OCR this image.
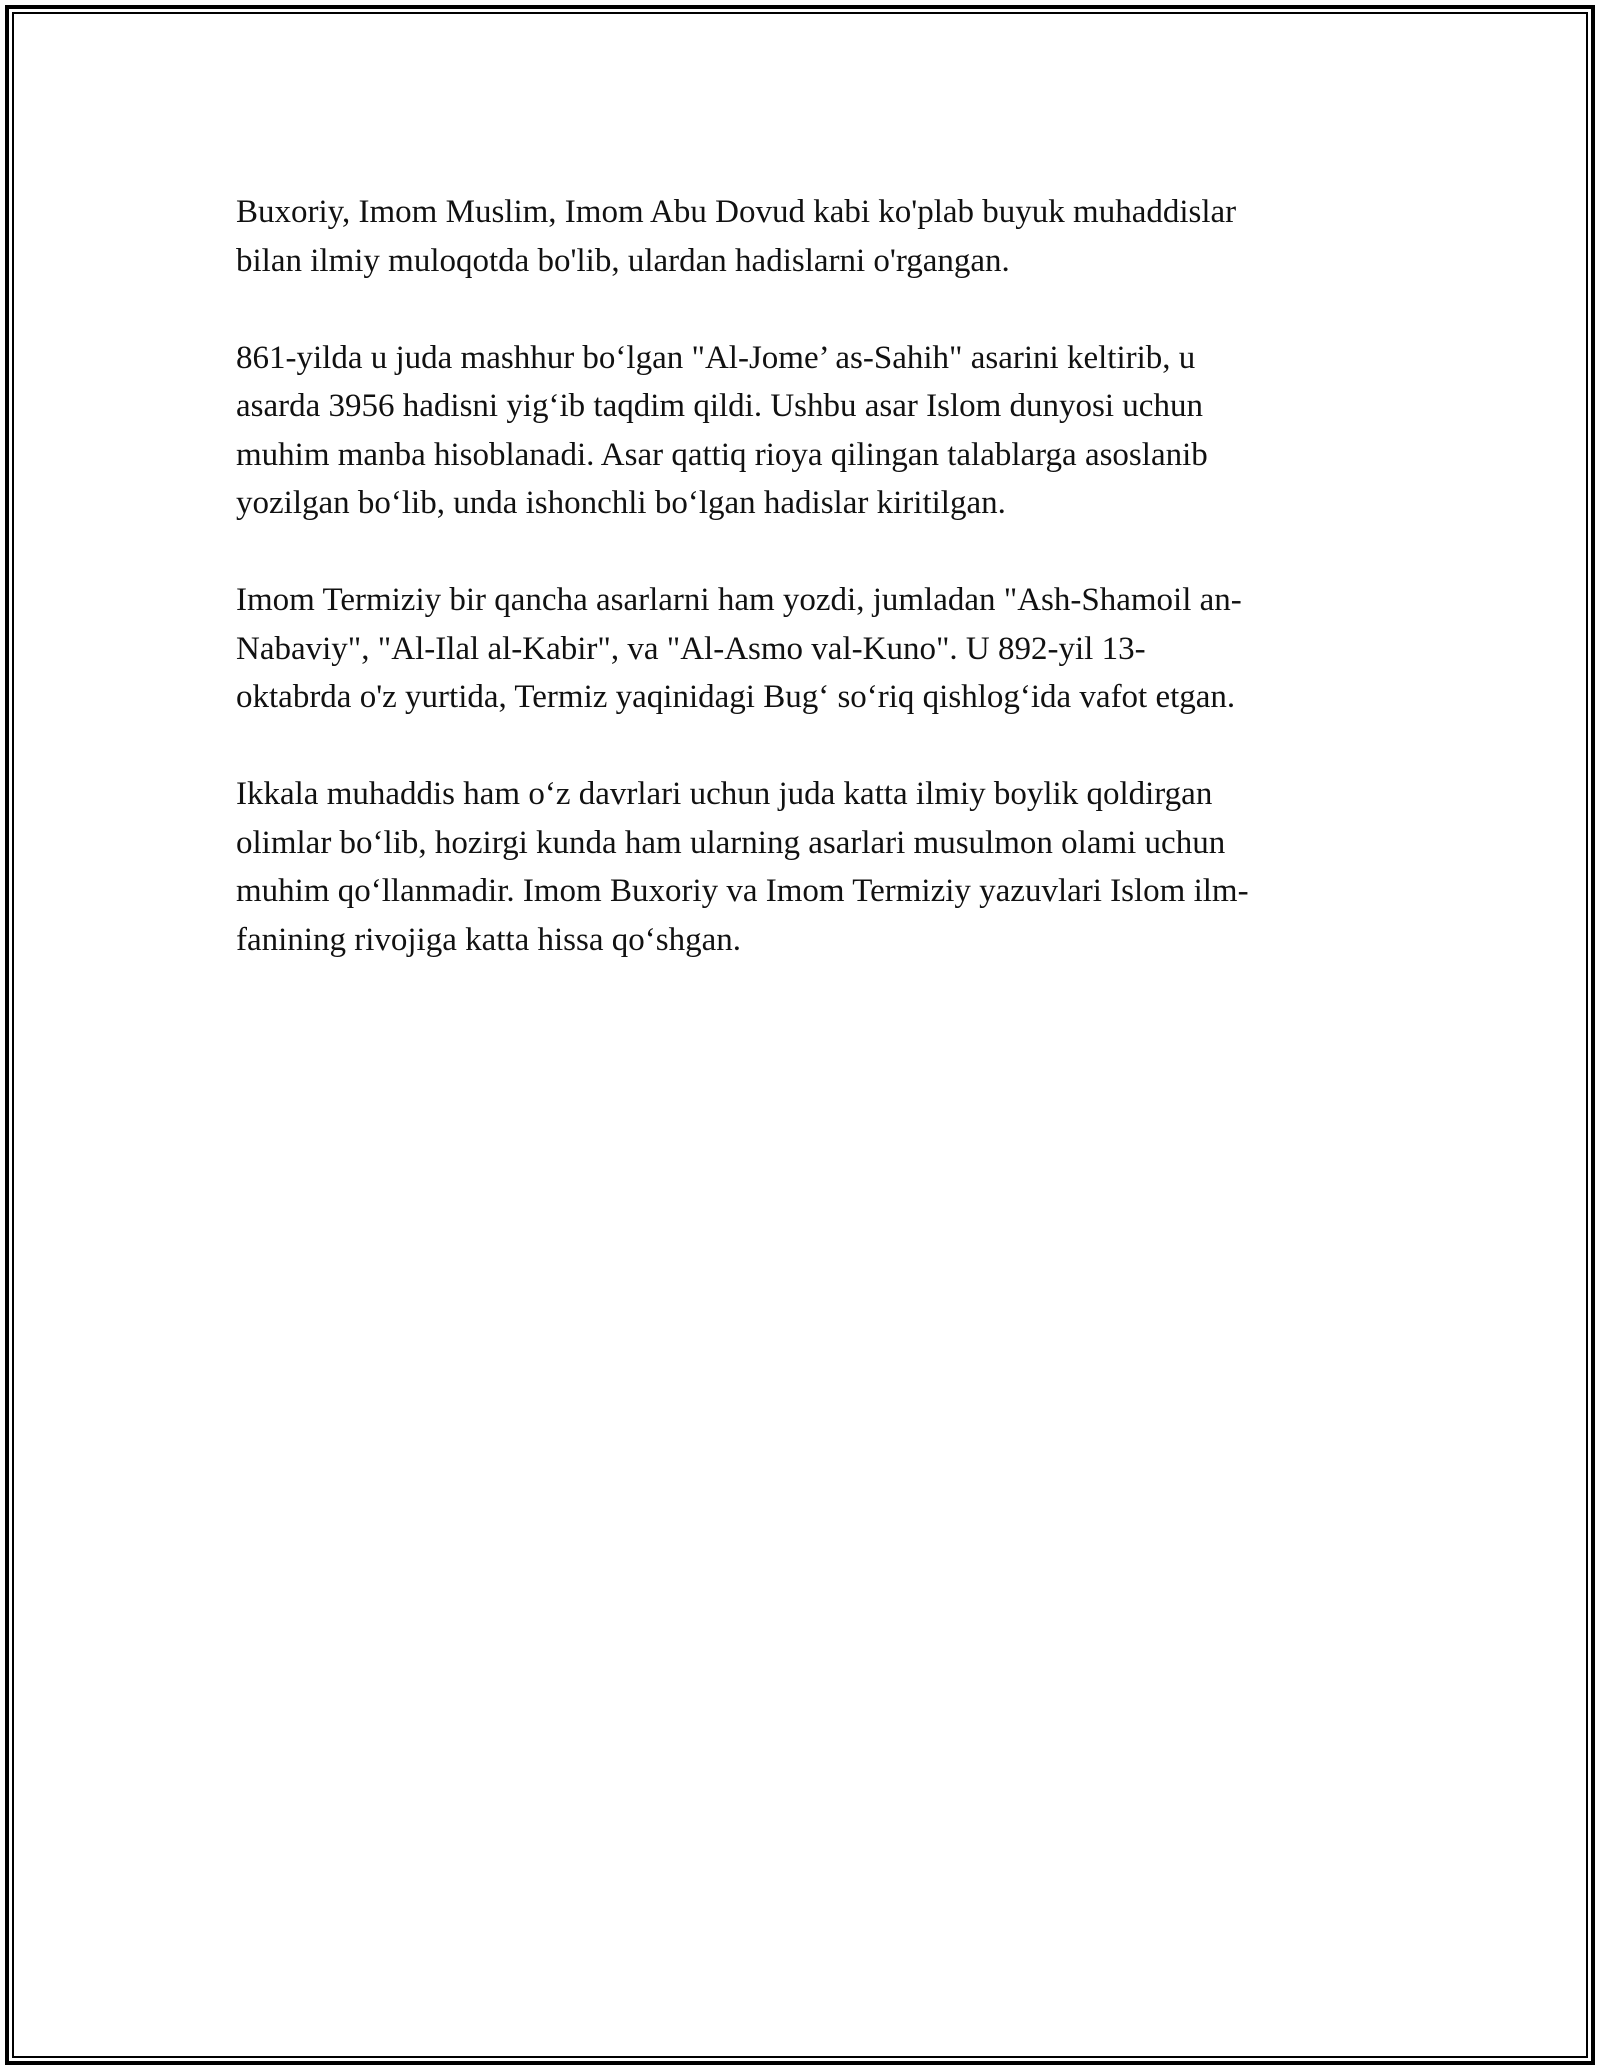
Buxoriy, Imom Muslim, Imom Abu Dovud kabi ko'plab buyuk muhaddislar
bilan ilmiy muloqotda bo'lib, ulardan hadislarni o'rgangan.

861-yilda u juda mashhur bo‘lgan "Al-Jome’ as-Sahih" asarini keltirib, u
asarda 3956 hadisni yig‘ib taqdim qildi. Ushbu asar Islom dunyosi uchun
muhim manba hisoblanadi. Asar qattiq rioya qilingan talablarga asoslanib
yozilgan bo‘lib, unda ishonchli bo‘lgan hadislar kiritilgan.

Imom Termiziy bir qancha asarlarni ham yozdi, jumladan "Ash-Shamoil an-
Nabaviy", "Al-Ilal al-Kabir", va "Al-Asmo val-Kuno". U 892-yil 13-
oktabrda o'z yurtida, Termiz yaqinidagi Bug‘ so‘riq qishlog‘ida vafot etgan.

Ikkala muhaddis ham o‘z davrlari uchun juda katta ilmiy boylik qoldirgan
olimlar bo‘lib, hozirgi kunda ham ularning asarlari musulmon olami uchun
muhim qo‘llanmadir. Imom Buxoriy va Imom Termiziy yazuvlari Islom ilm-
fanining rivojiga katta hissa qo‘shgan.
